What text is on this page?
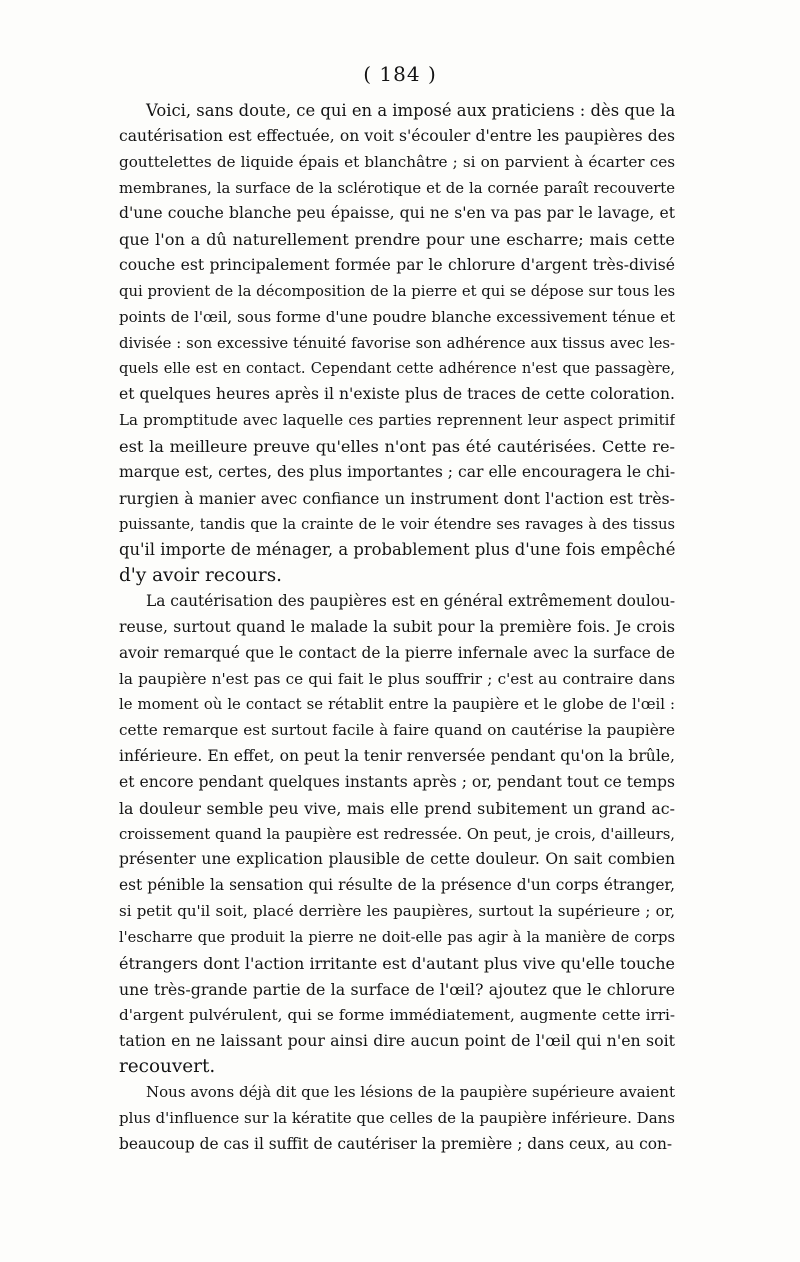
( 184 )
Voici, sans doute, ce qui en a imposé aux praticiens : dès que la
cautérisation est effectuée, on voit s'écouler d'entre les paupières des
gouttelettes de liquide épais et blanchâtre ; si on parvient à écarter ces
membranes, la surface de la sclérotique et de la cornée paraît recouverte
d'une couche blanche peu épaisse, qui ne s'en va pas par le lavage, et
que l'on a dû naturellement prendre pour une escharre; mais cette
couche est principalement formée par le chlorure d'argent très-divisé
qui provient de la décomposition de la pierre et qui se dépose sur tous les
points de l'œil, sous forme d'une poudre blanche excessivement ténue et
divisée : son excessive ténuité favorise son adhérence aux tissus avec les-
quels elle est en contact. Cependant cette adhérence n'est que passagère,
et quelques heures après il n'existe plus de traces de cette coloration.
La promptitude avec laquelle ces parties reprennent leur aspect primitif
est la meilleure preuve qu'elles n'ont pas été cautérisées. Cette re-
marque est, certes, des plus importantes ; car elle encouragera le chi-
rurgien à manier avec confiance un instrument dont l'action est très-
puissante, tandis que la crainte de le voir étendre ses ravages à des tissus
qu'il importe de ménager, a probablement plus d'une fois empêché
d'y avoir recours.
La cautérisation des paupières est en général extrêmement doulou-
reuse, surtout quand le malade la subit pour la première fois. Je crois
avoir remarqué que le contact de la pierre infernale avec la surface de
la paupière n'est pas ce qui fait le plus souffrir ; c'est au contraire dans
le moment où le contact se rétablit entre la paupière et le globe de l'œil :
cette remarque est surtout facile à faire quand on cautérise la paupière
inférieure. En effet, on peut la tenir renversée pendant qu'on la brûle,
et encore pendant quelques instants après ; or, pendant tout ce temps
la douleur semble peu vive, mais elle prend subitement un grand ac-
croissement quand la paupière est redressée. On peut, je crois, d'ailleurs,
présenter une explication plausible de cette douleur. On sait combien
est pénible la sensation qui résulte de la présence d'un corps étranger,
si petit qu'il soit, placé derrière les paupières, surtout la supérieure ; or,
l'escharre que produit la pierre ne doit-elle pas agir à la manière de corps
étrangers dont l'action irritante est d'autant plus vive qu'elle touche
une très-grande partie de la surface de l'œil? ajoutez que le chlorure
d'argent pulvérulent, qui se forme immédiatement, augmente cette irri-
tation en ne laissant pour ainsi dire aucun point de l'œil qui n'en soit
recouvert.
Nous avons déjà dit que les lésions de la paupière supérieure avaient
plus d'influence sur la kératite que celles de la paupière inférieure. Dans
beaucoup de cas il suffit de cautériser la première ; dans ceux, au con-
